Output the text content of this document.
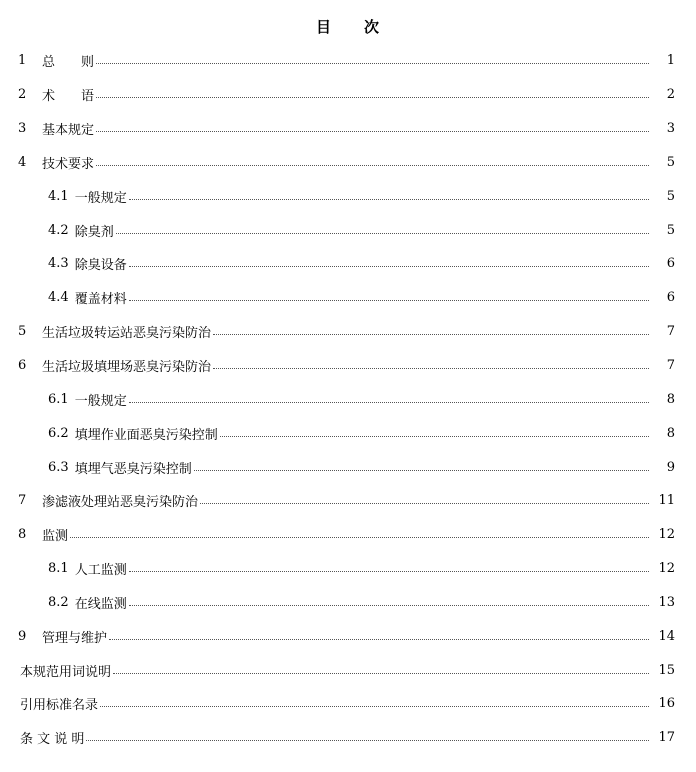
目　　次
1	总　　则	1
2	术　　语	2
3	基本规定	3
4	技术要求	5
4.1 一般规定	5
4.2 除臭剂	5
4.3 除臭设备	6
4.4 覆盖材料	6
5	生活垃圾转运站恶臭污染防治	7
6	生活垃圾填埋场恶臭污染防治	7
6.1 一般规定	8
6.2 填埋作业面恶臭污染控制	8
6.3 填埋气恶臭污染控制	9
7	渗滤液处理站恶臭污染防治	11
8	监测	12
8.1 人工监测	12
8.2 在线监测	13
9	管理与维护	14
本规范用词说明	15
引用标准名录	16
条 文 说 明	17
